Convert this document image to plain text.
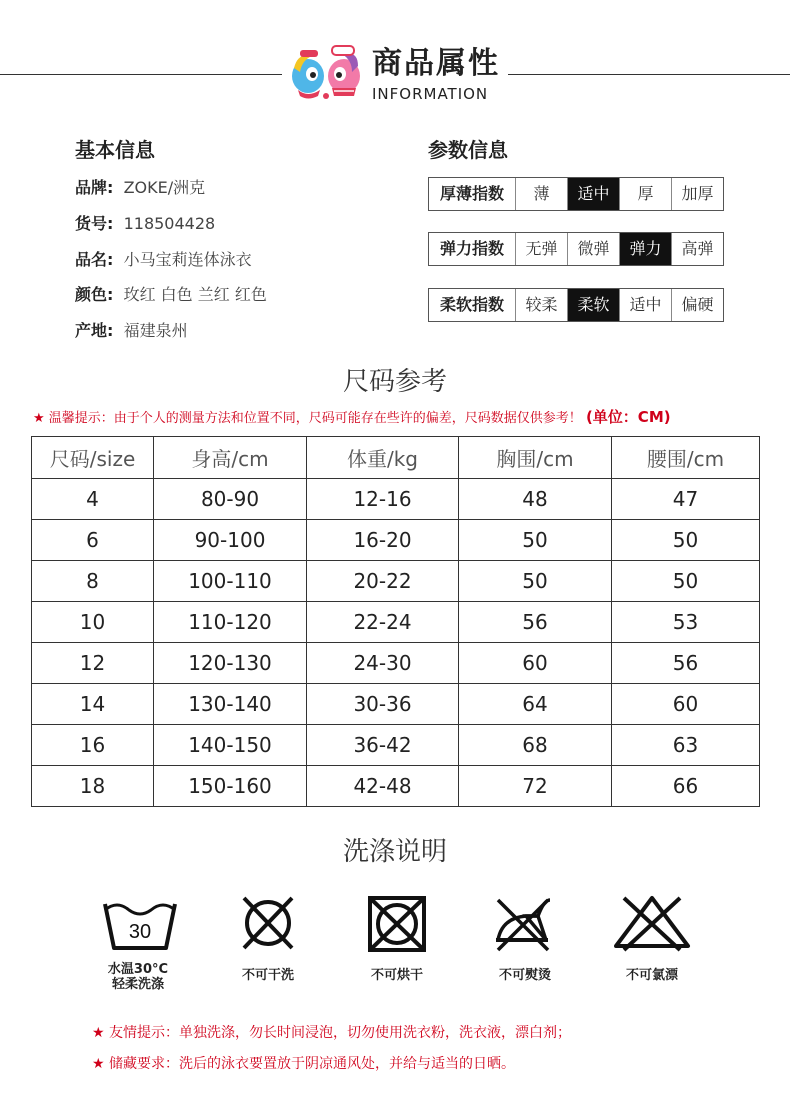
商品属性
INFORMATION
基本信息
品牌: ZOKE/洲克
货号: 118504428
品名: 小马宝莉连体泳衣
颜色: 玫红 白色 兰红 红色
产地: 福建泉州
参数信息
厚薄指数	薄	适中	厚	加厚
弹力指数	无弹	微弹	弹力	高弹
柔软指数	较柔	柔软	适中	偏硬
尺码参考
★ 温馨提示：由于个人的测量方法和位置不同，尺码可能存在些许的偏差，尺码数据仅供参考！ (单位：CM)
尺码/size	身高/cm	体重/kg	胸围/cm	腰围/cm
4	80-90	12-16	48	47
6	90-100	16-20	50	50
8	100-110	20-22	50	50
10	110-120	22-24	56	53
12	120-130	24-30	60	56
14	130-140	30-36	64	60
16	140-150	36-42	68	63
18	150-160	42-48	72	66
洗涤说明
30
水温30°C
轻柔洗涤
不可干洗	不可烘干	不可熨烫	不可氯漂
★ 友情提示：单独洗涤，勿长时间浸泡，切勿使用洗衣粉，洗衣液，漂白剂；
★ 储藏要求：洗后的泳衣要置放于阴凉通风处，并给与适当的日晒。
